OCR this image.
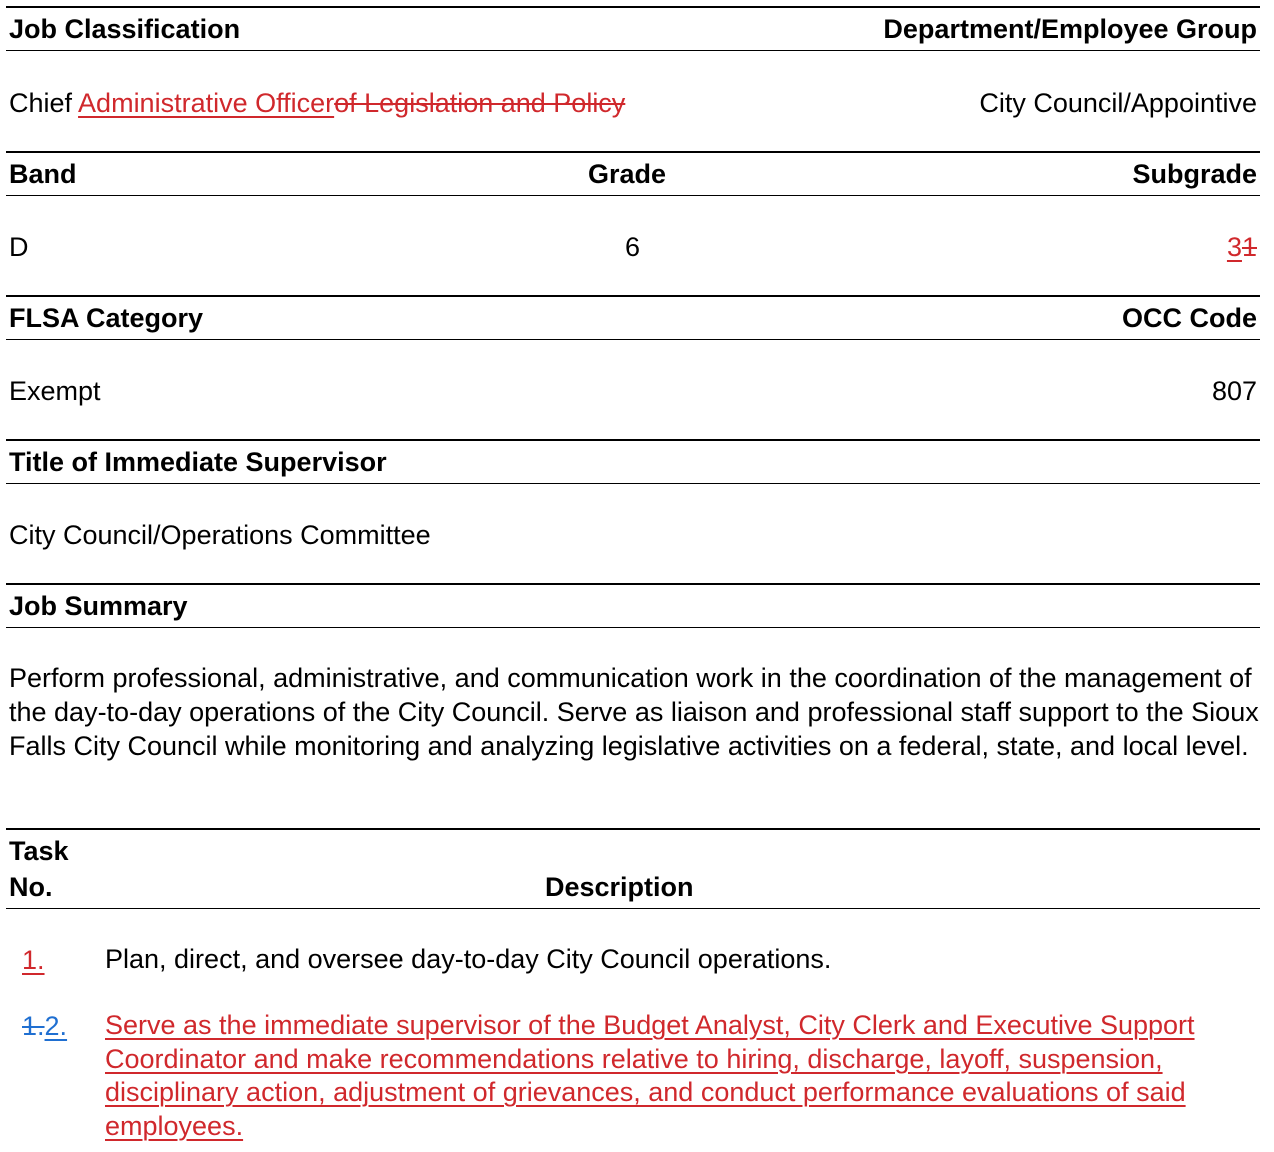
Job Classification	Department/Employee Group
Chief Administrative Officerof Legislation and Policy	City Council/Appointive
Band	Grade	Subgrade
D	6	31
FLSA Category	OCC Code
Exempt	807
Title of Immediate Supervisor
City Council/Operations Committee
Job Summary
Perform professional, administrative, and communication work in the coordination of the management of the day-to-day operations of the City Council. Serve as liaison and professional staff support to the Sioux Falls City Council while monitoring and analyzing legislative activities on a federal, state, and local level.
Task
No.	Description
1.	Plan, direct, and oversee day-to-day City Council operations.
1.2.	Serve as the immediate supervisor of the Budget Analyst, City Clerk and Executive Support Coordinator and make recommendations relative to hiring, discharge, layoff, suspension, disciplinary action, adjustment of grievances, and conduct performance evaluations of said employees.
